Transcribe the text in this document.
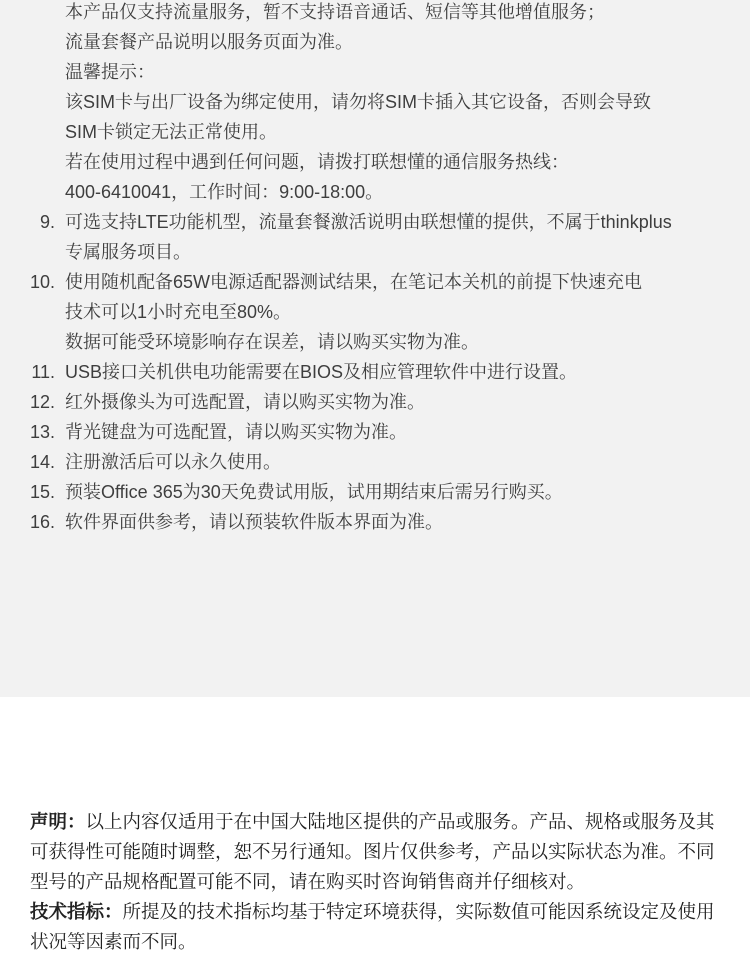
本产品仅支持流量服务，暂不支持语音通话、短信等其他增值服务；
流量套餐产品说明以服务页面为准。
温馨提示：
该SIM卡与出厂设备为绑定使用，请勿将SIM卡插入其它设备，否则会导致
SIM卡锁定无法正常使用。
若在使用过程中遇到任何问题，请拨打联想懂的通信服务热线：
400-6410041，工作时间：9:00-18:00。
9. 可选支持LTE功能机型，流量套餐激活说明由联想懂的提供，不属于thinkplus
专属服务项目。
10. 使用随机配备65W电源适配器测试结果，在笔记本关机的前提下快速充电
技术可以1小时充电至80%。
数据可能受环境影响存在误差，请以购买实物为准。
11. USB接口关机供电功能需要在BIOS及相应管理软件中进行设置。
12. 红外摄像头为可选配置，请以购买实物为准。
13. 背光键盘为可选配置，请以购买实物为准。
14. 注册激活后可以永久使用。
15. 预装Office 365为30天免费试用版，试用期结束后需另行购买。
16. 软件界面供参考，请以预装软件版本界面为准。
声明：以上内容仅适用于在中国大陆地区提供的产品或服务。产品、规格或服务及其
可获得性可能随时调整，恕不另行通知。图片仅供参考，产品以实际状态为准。不同
型号的产品规格配置可能不同，请在购买时咨询销售商并仔细核对。
技术指标：所提及的技术指标均基于特定环境获得，实际数值可能因系统设定及使用
状况等因素而不同。
